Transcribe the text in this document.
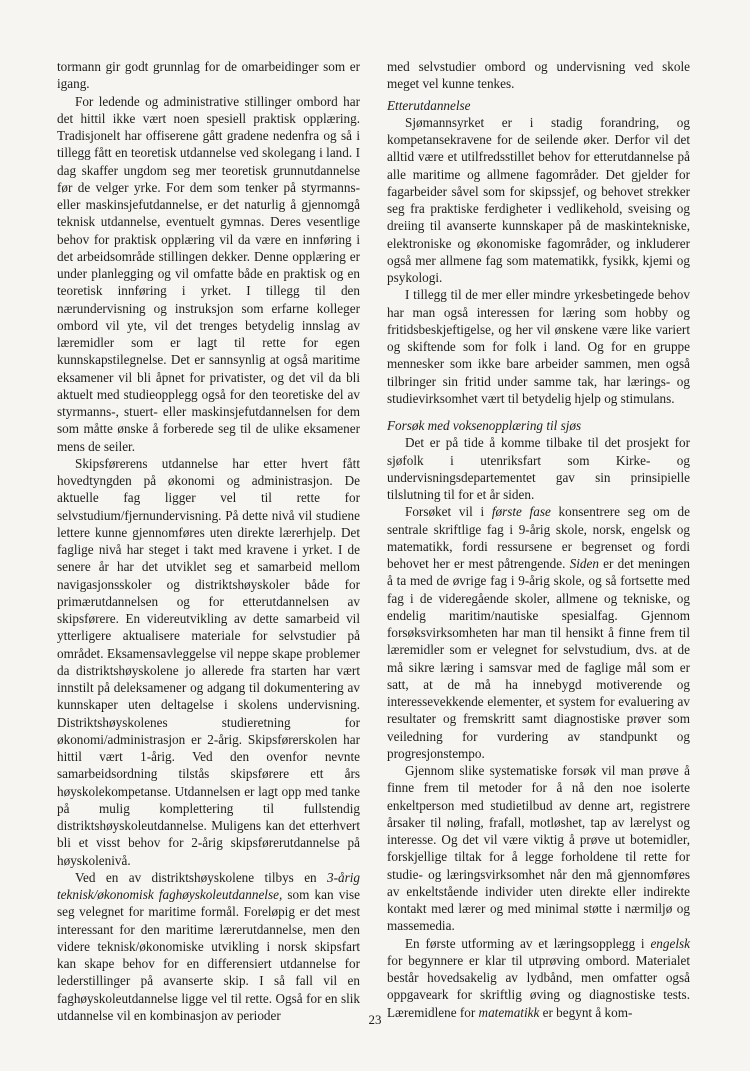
tormann gir godt grunnlag for de omarbeidinger som er igang.

For ledende og administrative stillinger ombord har det hittil ikke vært noen spesiell praktisk opplæring. Tradisjonelt har offiserene gått gradene nedenfra og så i tillegg fått en teoretisk utdannelse ved skolegang i land. I dag skaffer ungdom seg mer teoretisk grunnutdannelse før de velger yrke. For dem som tenker på styrmanns- eller maskinsjefutdannelse, er det naturlig å gjennomgå teknisk utdannelse, eventuelt gymnas. Deres vesentlige behov for praktisk opplæring vil da være en innføring i det arbeidsområde stillingen dekker. Denne opplæring er under planlegging og vil omfatte både en praktisk og en teoretisk innføring i yrket. I tillegg til den nærundervisning og instruksjon som erfarne kolleger ombord vil yte, vil det trenges betydelig innslag av læremidler som er lagt til rette for egen kunnskapstilegnelse. Det er sannsynlig at også maritime eksamener vil bli åpnet for privatister, og det vil da bli aktuelt med studieopplegg også for den teoretiske del av styrmanns-, stuert- eller maskinsjefutdannelsen for dem som måtte ønske å forberede seg til de ulike eksamener mens de seiler.

Skipsførerens utdannelse har etter hvert fått hovedtyngden på økonomi og administrasjon. De aktuelle fag ligger vel til rette for selvstudium/fjernundervisning. På dette nivå vil studiene lettere kunne gjennomføres uten direkte lærerhjelp. Det faglige nivå har steget i takt med kravene i yrket. I de senere år har det utviklet seg et samarbeid mellom navigasjonsskoler og distriktshøyskoler både for primærutdannelsen og for etterutdannelsen av skipsførere. En videreutvikling av dette samarbeid vil ytterligere aktualisere materiale for selvstudier på området. Eksamensavleggelse vil neppe skape problemer da distriktshøyskolene jo allerede fra starten har vært innstilt på deleksamener og adgang til dokumentering av kunnskaper uten deltagelse i skolens undervisning. Distriktshøyskolenes studieretning for økonomi/administrasjon er 2-årig. Skipsførerskolen har hittil vært 1-årig. Ved den ovenfor nevnte samarbeidsordning tilstås skipsførere ett års høyskolekompetanse. Utdannelsen er lagt opp med tanke på mulig komplettering til fullstendig distriktshøyskoleutdannelse. Muligens kan det etterhvert bli et visst behov for 2-årig skipsførerutdannelse på høyskolenivå.

Ved en av distriktshøyskolene tilbys en 3-årig teknisk/økonomisk faghøyskoleutdannelse, som kan vise seg velegnet for maritime formål. Foreløpig er det mest interessant for den maritime lærerutdannelse, men den videre teknisk/økonomiske utvikling i norsk skipsfart kan skape behov for en differensiert utdannelse for lederstillinger på avanserte skip. I så fall vil en faghøyskoleutdannelse ligge vel til rette. Også for en slik utdannelse vil en kombinasjon av perioder

med selvstudier ombord og undervisning ved skole meget vel kunne tenkes.

Etterutdannelse

Sjømannsyrket er i stadig forandring, og kompetansekravene for de seilende øker. Derfor vil det alltid være et utilfredsstillet behov for etterutdannelse på alle maritime og allmene fagområder. Det gjelder for fagarbeider såvel som for skipssjef, og behovet strekker seg fra praktiske ferdigheter i vedlikehold, sveising og dreiing til avanserte kunnskaper på de maskintekniske, elektroniske og økonomiske fagområder, og inkluderer også mer allmene fag som matematikk, fysikk, kjemi og psykologi.

I tillegg til de mer eller mindre yrkesbetingede behov har man også interessen for læring som hobby og fritidsbeskjeftigelse, og her vil ønskene være like variert og skiftende som for folk i land. Og for en gruppe mennesker som ikke bare arbeider sammen, men også tilbringer sin fritid under samme tak, har lærings- og studievirksomhet vært til betydelig hjelp og stimulans.

Forsøk med voksenopplæring til sjøs

Det er på tide å komme tilbake til det prosjekt for sjøfolk i utenriksfart som Kirke- og undervisningsdepartementet gav sin prinsipielle tilslutning til for et år siden.

Forsøket vil i første fase konsentrere seg om de sentrale skriftlige fag i 9-årig skole, norsk, engelsk og matematikk, fordi ressursene er begrenset og fordi behovet her er mest påtrengende. Siden er det meningen å ta med de øvrige fag i 9-årig skole, og så fortsette med fag i de videregående skoler, allmene og tekniske, og endelig maritim/nautiske spesialfag. Gjennom forsøksvirksomheten har man til hensikt å finne frem til læremidler som er velegnet for selvstudium, dvs. at de må sikre læring i samsvar med de faglige mål som er satt, at de må ha innebygd motiverende og interessevekkende elementer, et system for evaluering av resultater og fremskritt samt diagnostiske prøver som veiledning for vurdering av standpunkt og progresjonstempo.

Gjennom slike systematiske forsøk vil man prøve å finne frem til metoder for å nå den noe isolerte enkeltperson med studietilbud av denne art, registrere årsaker til nøling, frafall, motløshet, tap av lærelyst og interesse. Og det vil være viktig å prøve ut botemidler, forskjellige tiltak for å legge forholdene til rette for studie- og læringsvirksomhet når den må gjennomføres av enkeltstående individer uten direkte eller indirekte kontakt med lærer og med minimal støtte i nærmiljø og massemedia.

En første utforming av et læringsopplegg i engelsk for begynnere er klar til utprøving ombord. Materialet består hovedsakelig av lydbånd, men omfatter også oppgaveark for skriftlig øving og diagnostiske tests. Læremidlene for matematikk er begynt å kom-

23
